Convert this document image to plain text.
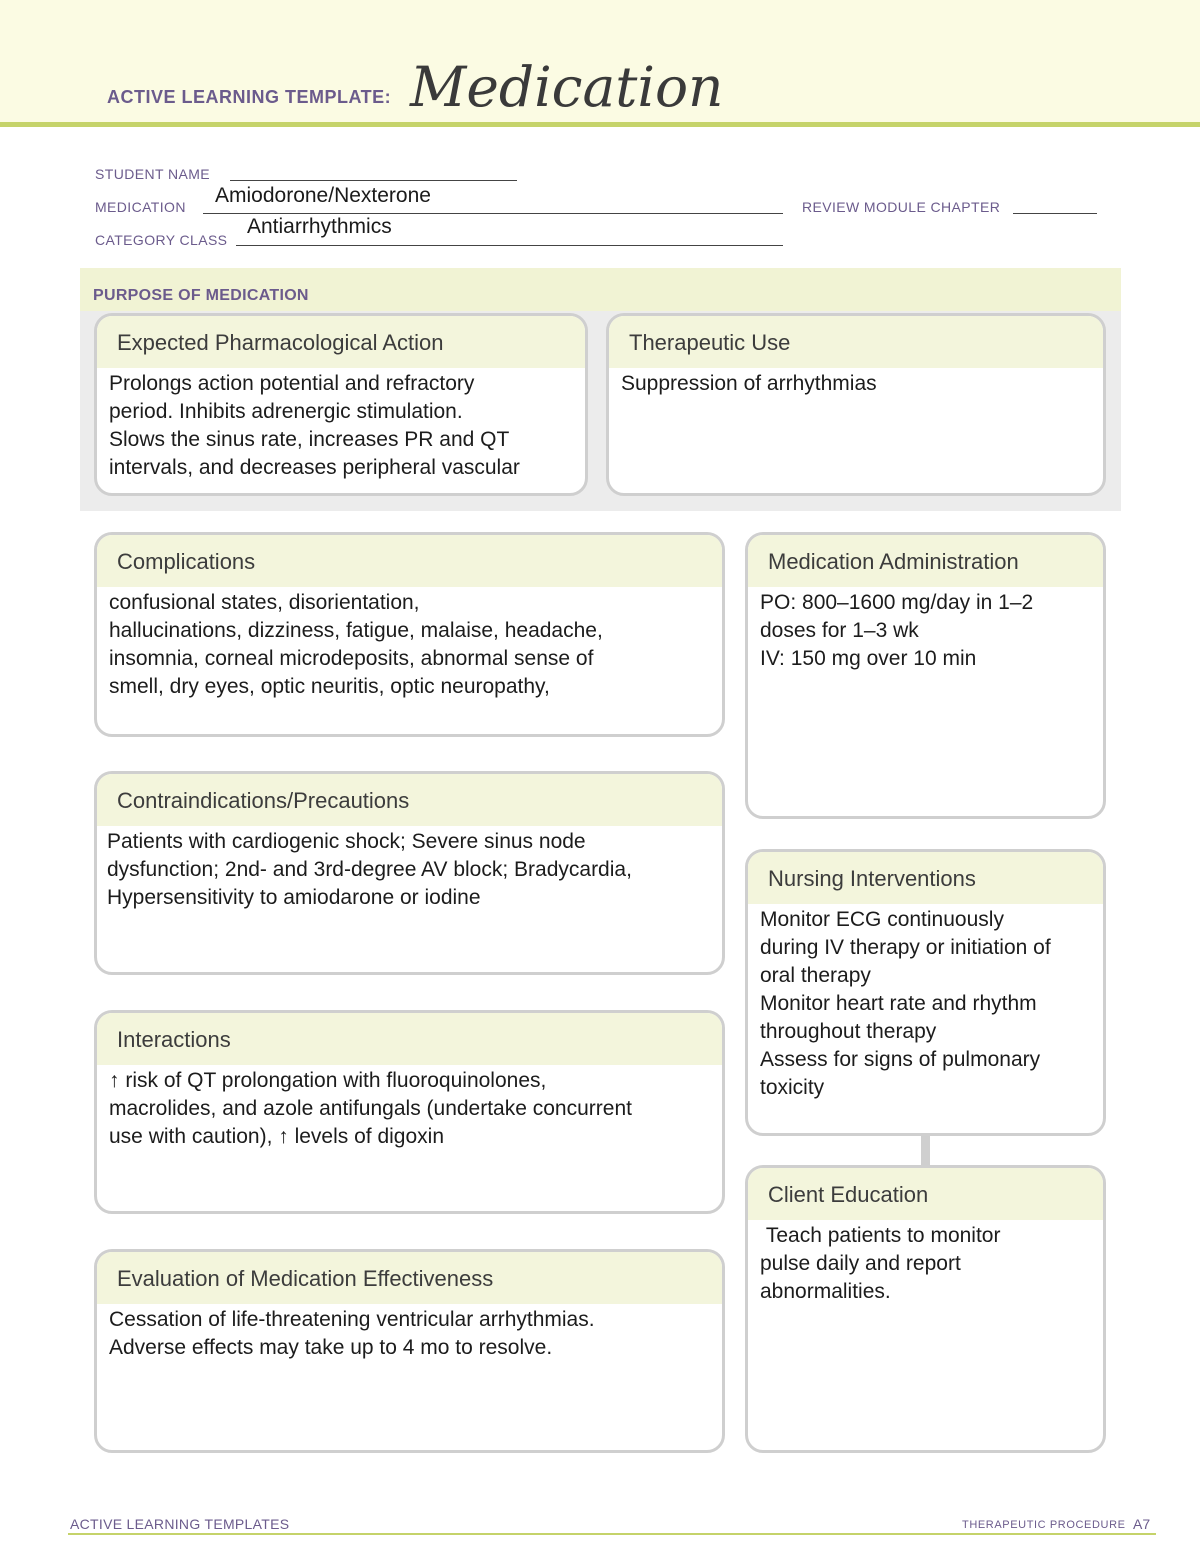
ACTIVE LEARNING TEMPLATE: Medication
STUDENT NAME
MEDICATION Amiodorone/Nexterone	REVIEW MODULE CHAPTER
CATEGORY CLASS
Antiarrhythmics
PURPOSE OF MEDICATION
Expected Pharmacological Action
Prolongs action potential and refractory
period. Inhibits adrenergic stimulation.
Slows the sinus rate, increases PR and QT
intervals, and decreases peripheral vascular
Therapeutic Use
Suppression of arrhythmias
Complications
confusional states, disorientation,
hallucinations, dizziness, fatigue, malaise, headache,
insomnia, corneal microdeposits, abnormal sense of
smell, dry eyes, optic neuritis, optic neuropathy,
Contraindications/Precautions
Patients with cardiogenic shock; Severe sinus node
dysfunction; 2nd- and 3rd-degree AV block; Bradycardia,
Hypersensitivity to amiodarone or iodine
Interactions
↑ risk of QT prolongation with fluoroquinolones,
macrolides, and azole antifungals (undertake concurrent
use with caution), ↑ levels of digoxin
Evaluation of Medication Effectiveness
Cessation of life-threatening ventricular arrhythmias.
Adverse effects may take up to 4 mo to resolve.
Medication Administration
PO: 800–1600 mg/day in 1–2
doses for 1–3 wk
IV: 150 mg over 10 min
Nursing Interventions
Monitor ECG continuously
during IV therapy or initiation of
oral therapy
Monitor heart rate and rhythm
throughout therapy
Assess for signs of pulmonary
toxicity
Client Education
Teach patients to monitor
pulse daily and report
abnormalities.
ACTIVE LEARNING TEMPLATES	THERAPEUTIC PROCEDURE A7
